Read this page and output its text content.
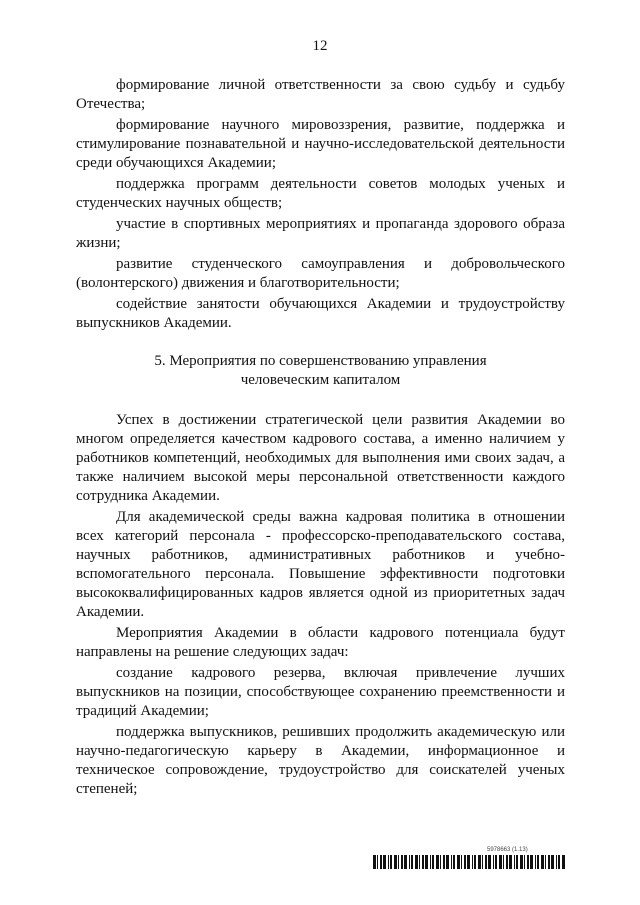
12

формирование личной ответственности за свою судьбу и судьбу Отечества;

формирование научного мировоззрения, развитие, поддержка и стимулирование познавательной и научно-исследовательской деятельности среди обучающихся Академии;

поддержка программ деятельности советов молодых ученых и студенческих научных обществ;

участие в спортивных мероприятиях и пропаганда здорового образа жизни;

развитие студенческого самоуправления и добровольческого (волонтерского) движения и благотворительности;

содействие занятости обучающихся Академии и трудоустройству выпускников Академии.

5. Мероприятия по совершенствованию управления
человеческим капиталом

Успех в достижении стратегической цели развития Академии во многом определяется качеством кадрового состава, а именно наличием у работников компетенций, необходимых для выполнения ими своих задач, а также наличием высокой меры персональной ответственности каждого сотрудника Академии.

Для академической среды важна кадровая политика в отношении всех категорий персонала - профессорско-преподавательского состава, научных работников, административных работников и учебно-вспомогательного персонала. Повышение эффективности подготовки высококвалифицированных кадров является одной из приоритетных задач Академии.

Мероприятия Академии в области кадрового потенциала будут направлены на решение следующих задач:

создание кадрового резерва, включая привлечение лучших выпускников на позиции, способствующее сохранению преемственности и традиций Академии;

поддержка выпускников, решивших продолжить академическую или научно-педагогическую карьеру в Академии, информационное и техническое сопровождение, трудоустройство для соискателей ученых степеней;

5978663 (1.13)
